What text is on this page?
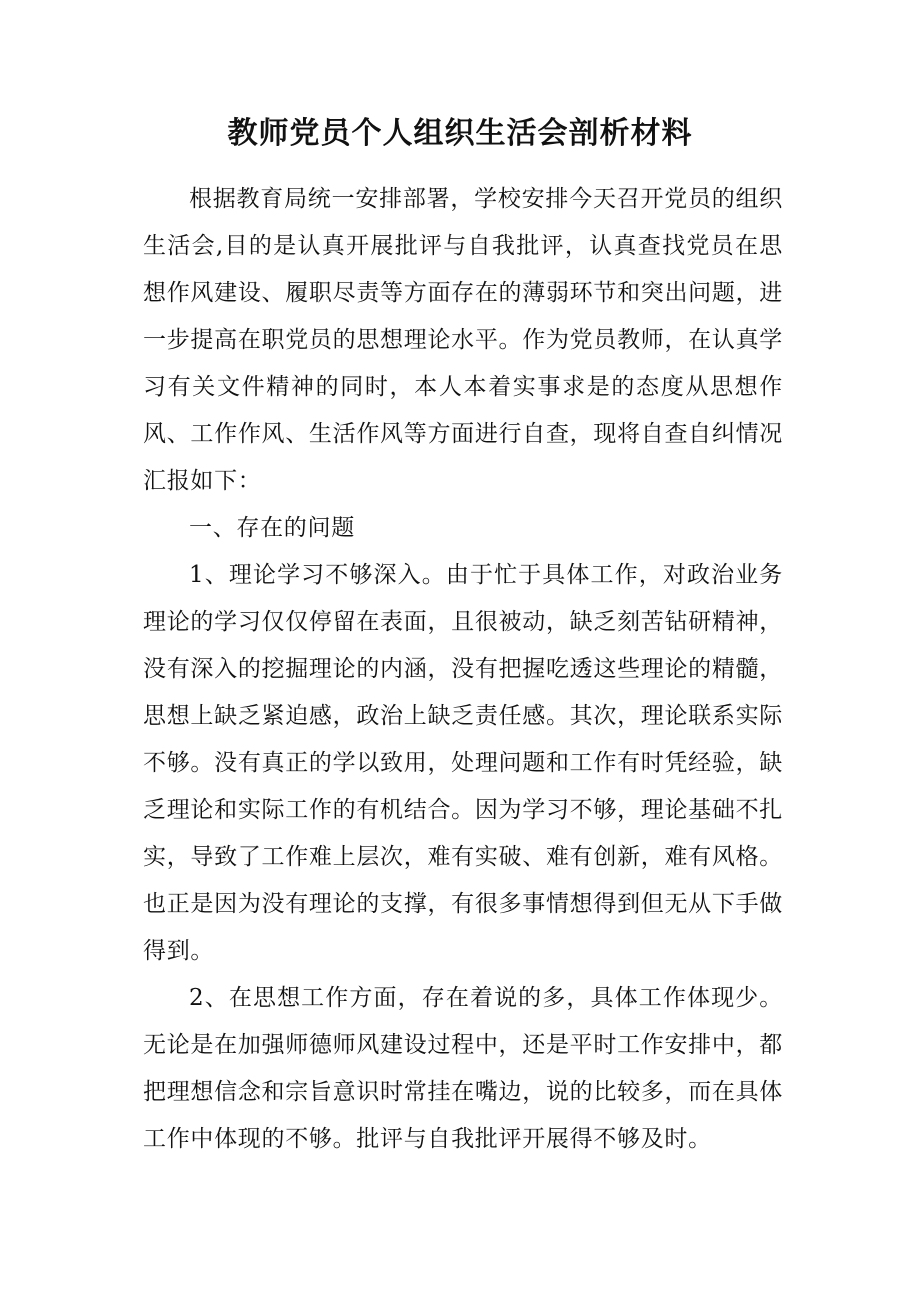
教师党员个人组织生活会剖析材料

根据教育局统一安排部署，学校安排今天召开党员的组织生活会,目的是认真开展批评与自我批评，认真查找党员在思想作风建设、履职尽责等方面存在的薄弱环节和突出问题，进一步提高在职党员的思想理论水平。作为党员教师，在认真学习有关文件精神的同时，本人本着实事求是的态度从思想作风、工作作风、生活作风等方面进行自查，现将自查自纠情况汇报如下：

一、存在的问题

1、理论学习不够深入。由于忙于具体工作，对政治业务理论的学习仅仅停留在表面，且很被动，缺乏刻苦钻研精神，没有深入的挖掘理论的内涵，没有把握吃透这些理论的精髓，思想上缺乏紧迫感，政治上缺乏责任感。其次，理论联系实际不够。没有真正的学以致用，处理问题和工作有时凭经验，缺乏理论和实际工作的有机结合。因为学习不够，理论基础不扎实，导致了工作难上层次，难有实破、难有创新，难有风格。也正是因为没有理论的支撑，有很多事情想得到但无从下手做得到。

2、在思想工作方面，存在着说的多，具体工作体现少。无论是在加强师德师风建设过程中，还是平时工作安排中，都把理想信念和宗旨意识时常挂在嘴边，说的比较多，而在具体工作中体现的不够。批评与自我批评开展得不够及时。
